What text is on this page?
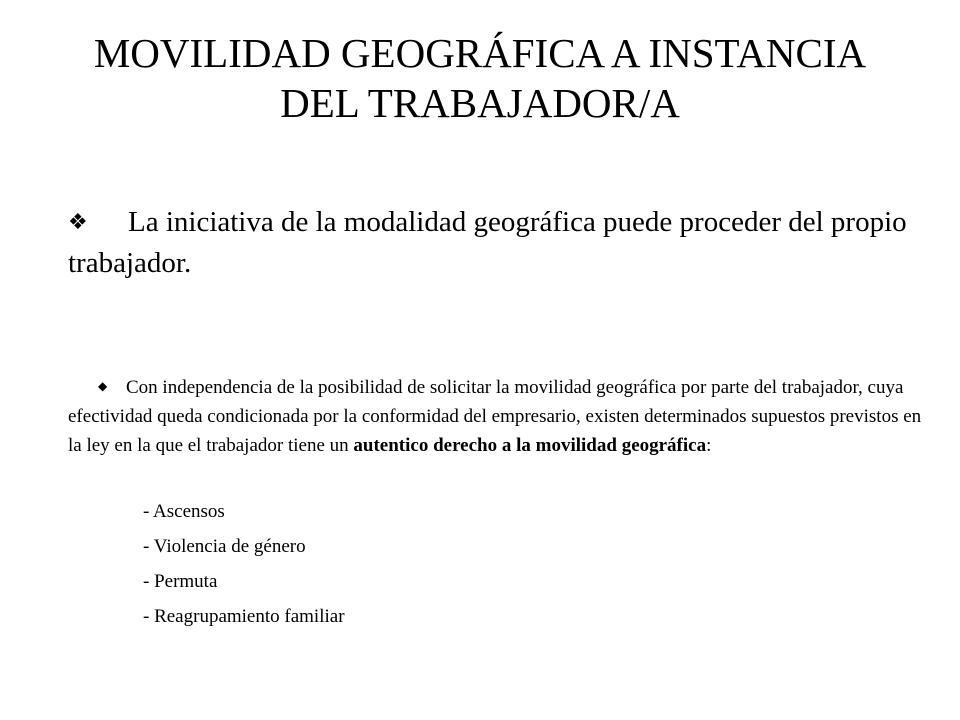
MOVILIDAD GEOGRÁFICA A INSTANCIA
DEL TRABAJADOR/A
❖ La iniciativa de la modalidad geográfica puede proceder del propio trabajador.
◆ Con independencia de la posibilidad de solicitar la movilidad geográfica por parte del trabajador, cuya efectividad queda condicionada por la conformidad del empresario, existen determinados supuestos previstos en la ley en la que el trabajador tiene un autentico derecho a la movilidad geográfica:
- Ascensos
- Violencia de género
- Permuta
- Reagrupamiento familiar
